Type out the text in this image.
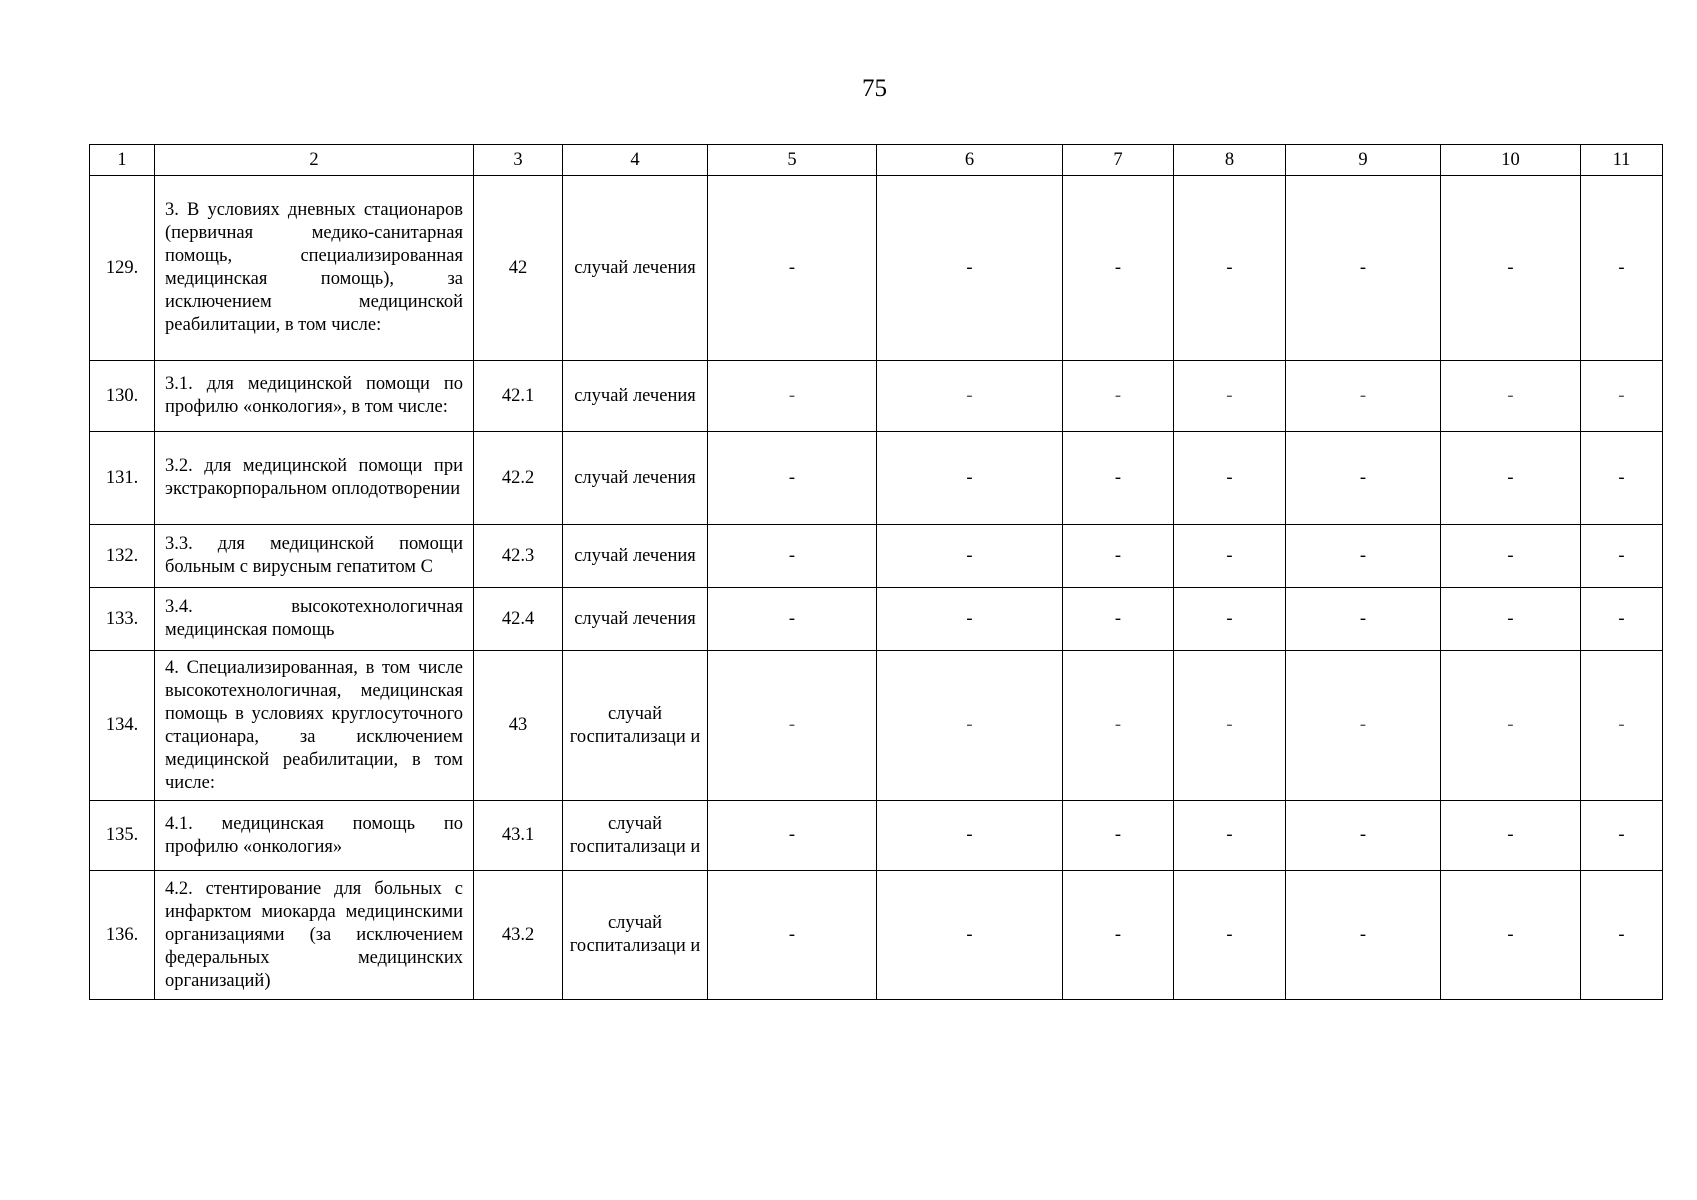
75
1	2	3	4	5	6	7	8	9	10	11
129.	3. В условиях дневных стационаров (первичная медико-санитарная помощь, специализированная медицинская помощь), за исключением медицинской реабилитации, в том числе:	42	случай лечения	-	-	-	-	-	-	-
130.	3.1. для медицинской помощи по профилю «онкология», в том числе:	42.1	случай лечения	-	-	-	-	-	-	-
131.	3.2. для медицинской помощи при экстракорпоральном оплодотворении	42.2	случай лечения	-	-	-	-	-	-	-
132.	3.3. для медицинской помощи больным с вирусным гепатитом С	42.3	случай лечения	-	-	-	-	-	-	-
133.	3.4. высокотехнологичная медицинская помощь	42.4	случай лечения	-	-	-	-	-	-	-
134.	4. Специализированная, в том числе высокотехнологичная, медицинская помощь в условиях круглосуточного стационара, за исключением медицинской реабилитации, в том числе:	43	случай госпитализаци и	-	-	-	-	-	-	-
135.	4.1. медицинская помощь по профилю «онкология»	43.1	случай госпитализаци и	-	-	-	-	-	-	-
136.	4.2. стентирование для больных с инфарктом миокарда медицинскими организациями (за исключением федеральных медицинских организаций)	43.2	случай госпитализаци и	-	-	-	-	-	-	-
